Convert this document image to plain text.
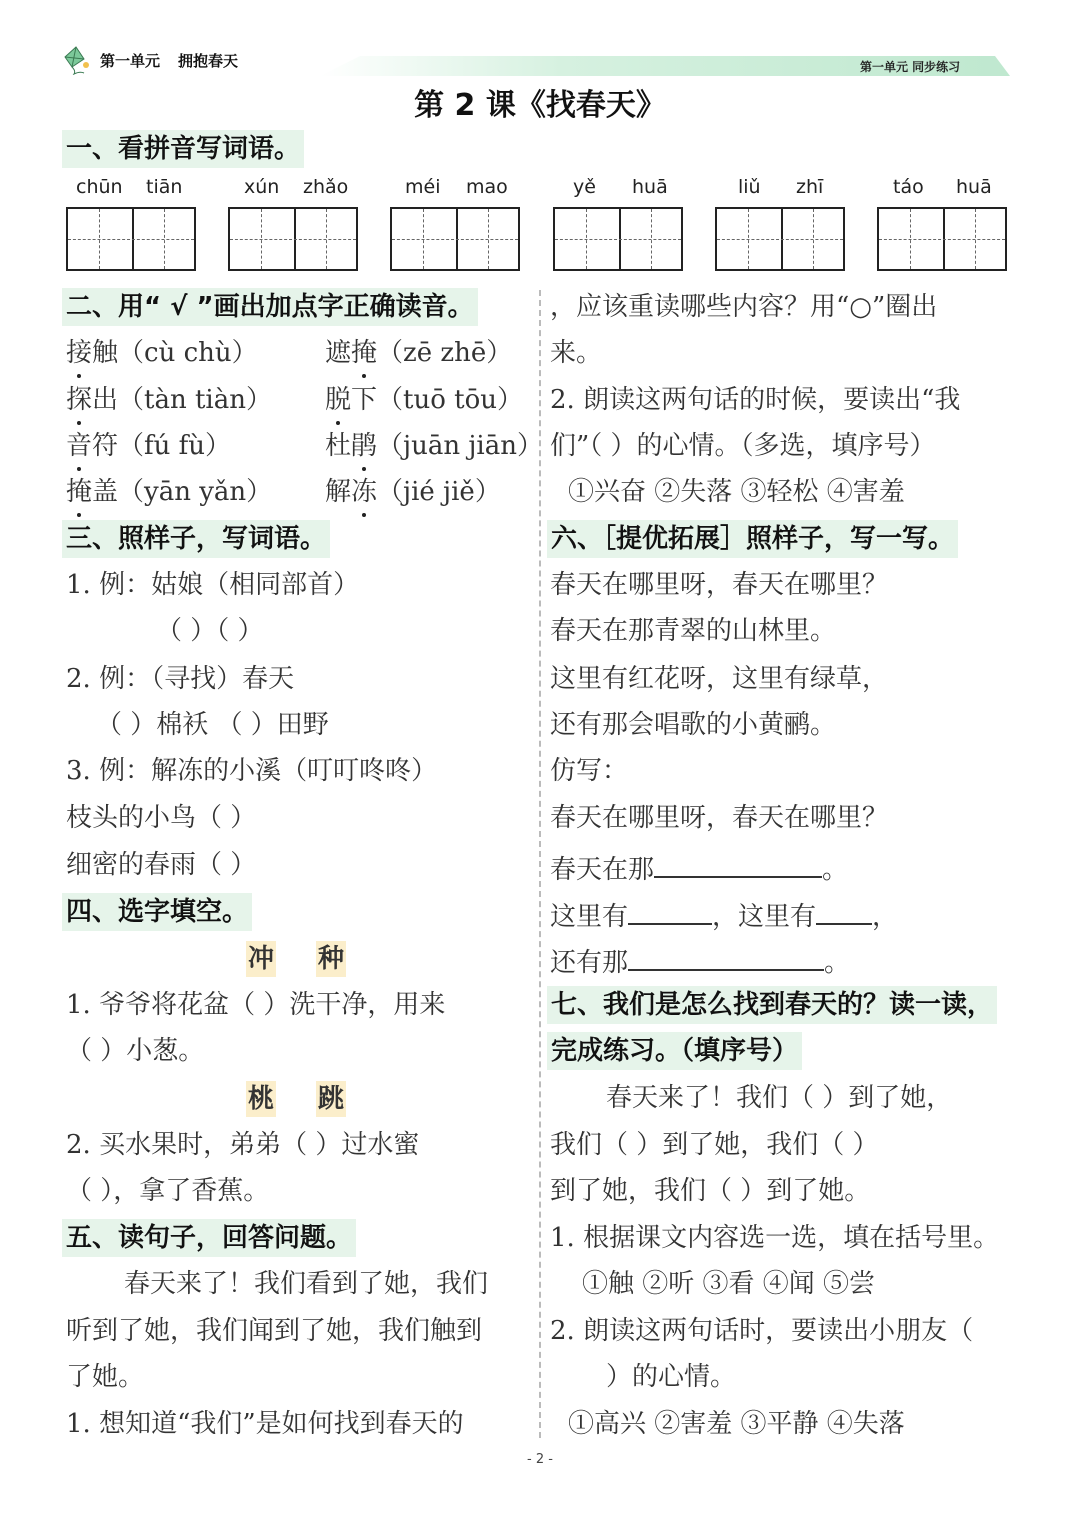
第一单元 拥抱春天	第一单元 同步练习
第 2 课《找春天》
一、看拼音写词语。
chūn tiān	xún zhǎo	méi mao	yě huā	liǔ zhī	táo huā
二、用“ √ ”画出加点字正确读音。
接触（cù chù）	遮掩（zē zhē）
探出（tàn tiàn） 脱下（tuō tōu）
音符（fú fù）	杜鹃（juān jiān）
掩盖（yān yǎn） 解冻（jié jiě）
三、照样子，写词语。
1. 例：姑娘（相同部首）
（ ）（ ）
2. 例：（寻找）春天
（ ）棉袄 （ ）田野
3. 例：解冻的小溪（叮叮咚咚）
枝头的小鸟（ ）
细密的春雨（ ）
四、选字填空。
冲 种
1. 爷爷将花盆（ ）洗干净，用来
（ ）小葱。
桃 跳
2. 买水果时，弟弟（ ）过水蜜
（ ），拿了香蕉。
五、读句子，回答问题。
春天来了！我们看到了她，我们
听到了她，我们闻到了她，我们触到
了她。
1. 想知道“我们”是如何找到春天的
，应该重读哪些内容？用“○”圈出
来。
2. 朗读这两句话的时候，要读出“我
们”（ ）的心情。（多选，填序号）
①兴奋 ②失落 ③轻松 ④害羞
六、［提优拓展］照样子，写一写。
春天在哪里呀，春天在哪里？
春天在那青翠的山林里。
这里有红花呀，这里有绿草，
还有那会唱歌的小黄鹂。
仿写：
春天在哪里呀，春天在哪里？
春天在那	。
这里有	，这里有 ，
还有那	。
七、我们是怎么找到春天的？读一读，
完成练习。（填序号）
春天来了！我们（ ）到了她，
我们（ ）到了她，我们（ ）
到了她，我们（ ）到了她。
1. 根据课文内容选一选，填在括号里。
①触 ②听 ③看 ④闻 ⑤尝
2. 朗读这两句话时，要读出小朋友（
）的心情。
①高兴 ②害羞 ③平静 ④失落
- 2 -
